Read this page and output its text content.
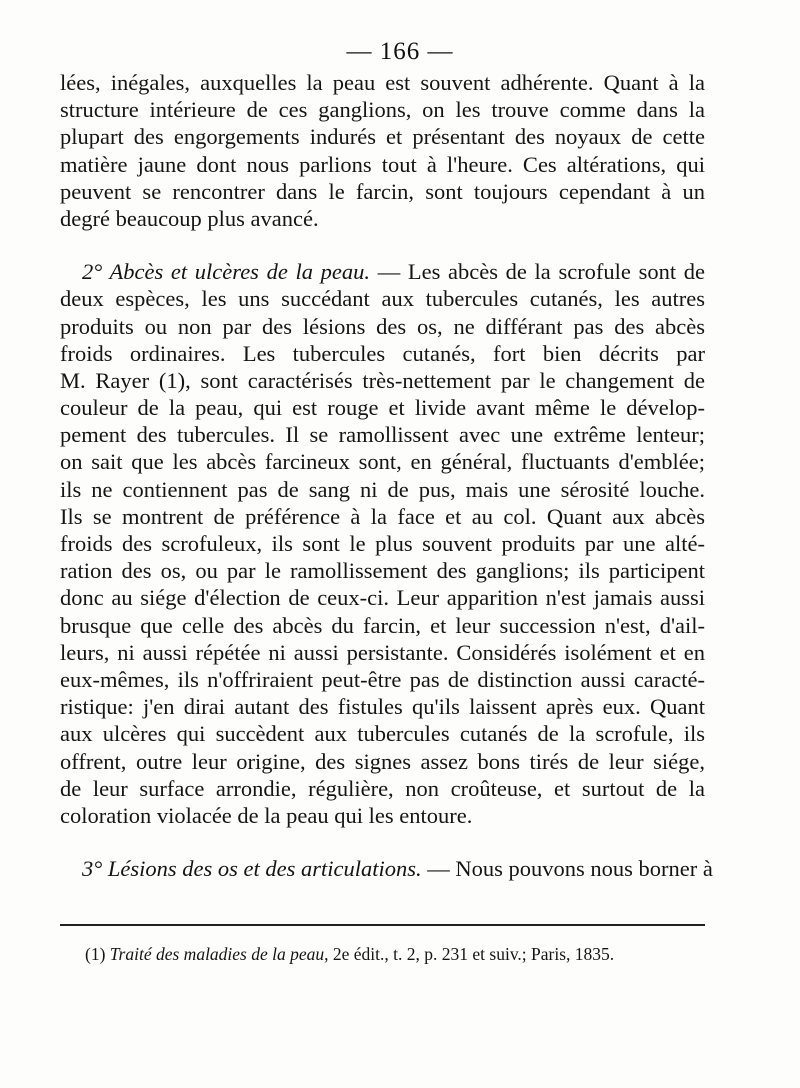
— 166 —
lées, inégales, auxquelles la peau est souvent adhérente. Quant à la
structure intérieure de ces ganglions, on les trouve comme dans la
plupart des engorgements indurés et présentant des noyaux de cette
matière jaune dont nous parlions tout à l'heure. Ces altérations, qui
peuvent se rencontrer dans le farcin, sont toujours cependant à un
degré beaucoup plus avancé.
2° Abcès et ulcères de la peau. — Les abcès de la scrofule sont de
deux espèces, les uns succédant aux tubercules cutanés, les autres
produits ou non par des lésions des os, ne différant pas des abcès
froids ordinaires. Les tubercules cutanés, fort bien décrits par
M. Rayer (1), sont caractérisés très-nettement par le changement de
couleur de la peau, qui est rouge et livide avant même le dévelop-
pement des tubercules. Il se ramollissent avec une extrême lenteur;
on sait que les abcès farcineux sont, en général, fluctuants d'emblée;
ils ne contiennent pas de sang ni de pus, mais une sérosité louche.
Ils se montrent de préférence à la face et au col. Quant aux abcès
froids des scrofuleux, ils sont le plus souvent produits par une alté-
ration des os, ou par le ramollissement des ganglions; ils participent
donc au siége d'élection de ceux-ci. Leur apparition n'est jamais aussi
brusque que celle des abcès du farcin, et leur succession n'est, d'ail-
leurs, ni aussi répétée ni aussi persistante. Considérés isolément et en
eux-mêmes, ils n'offriraient peut-être pas de distinction aussi caracté-
ristique: j'en dirai autant des fistules qu'ils laissent après eux. Quant
aux ulcères qui succèdent aux tubercules cutanés de la scrofule, ils
offrent, outre leur origine, des signes assez bons tirés de leur siége,
de leur surface arrondie, régulière, non croûteuse, et surtout de la
coloration violacée de la peau qui les entoure.
3° Lésions des os et des articulations. — Nous pouvons nous borner à
(1) Traité des maladies de la peau, 2e édit., t. 2, p. 231 et suiv.; Paris, 1835.
